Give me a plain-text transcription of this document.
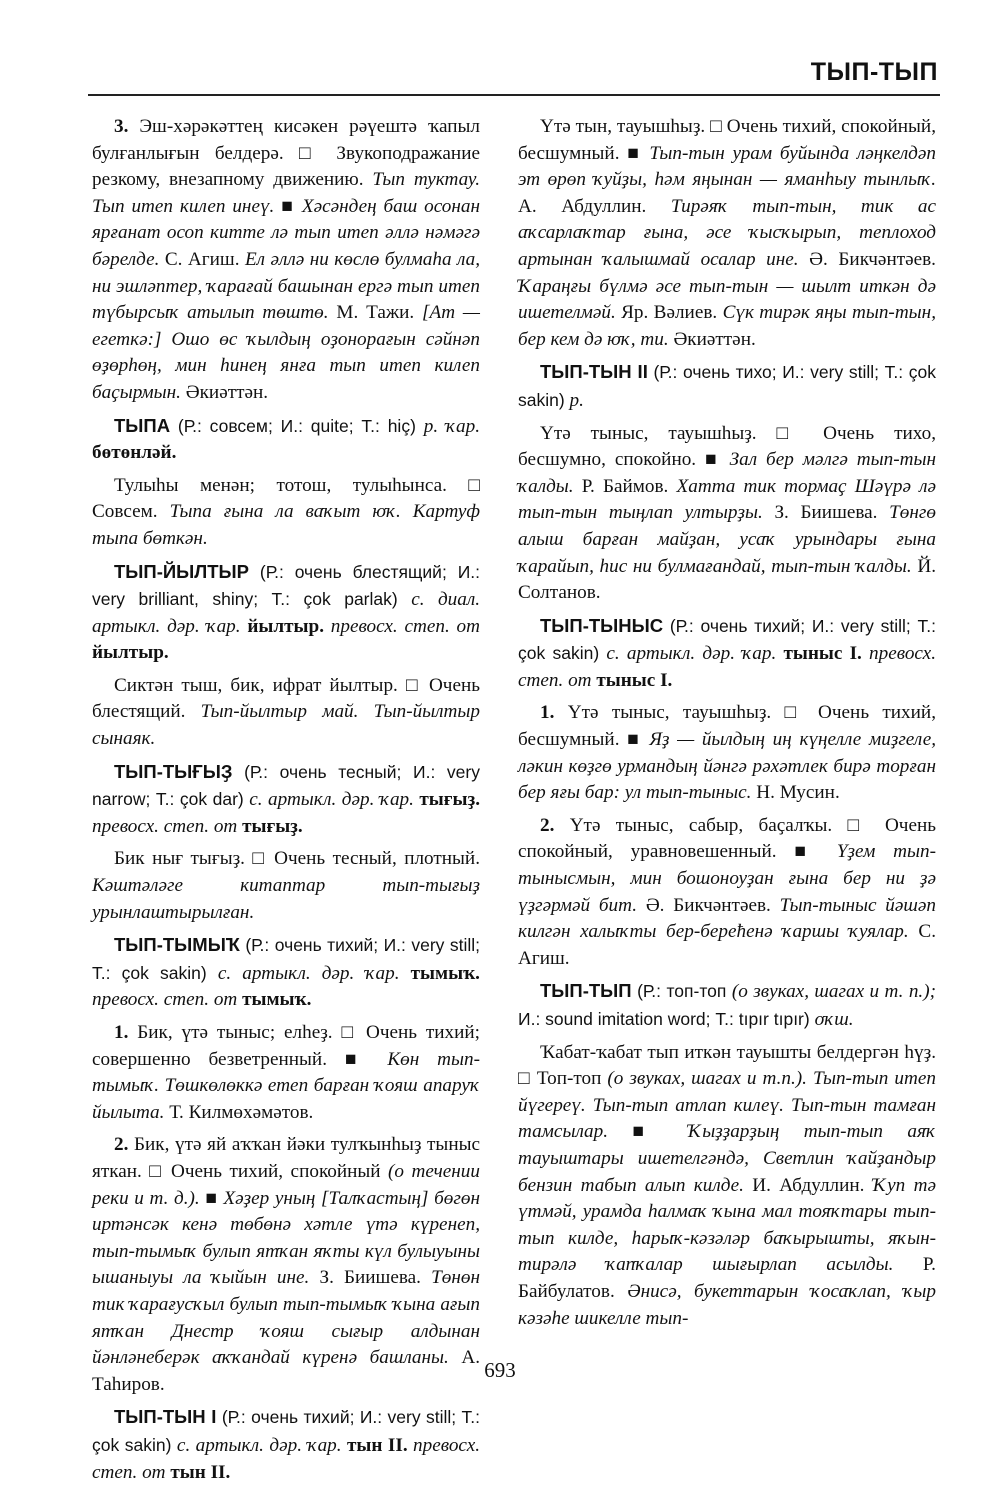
ТЫП-ТЫП

3. Эш-хәрәкәттең кисәкен рәүештә ҡапыл булғанлығын белдерә. □ Звукоподражание резкому, внезапному движению. Тып туктау. Тып итеп килеп инеү. ■ Хәсәндең баш осонан ярғанат осоп китте лә тып итеп әллә нәмәгә бәрелде. С. Агиш. Ел әллә ни көслө булмаһа ла, ни эшләптер, ҡарағай башынан ергә тып итеп түбырсыҡ атылып төштө. М. Тажи. [Ат — егеткә:] Ошо өс ҡылдың оҙонорағын сәйнәп өҙөрһөң, мин һинең янға тып итеп килеп баҫырмын. Әкиәттән.

ТЫПА (Р.: совсем; И.: quite; Т.: hiç) р. ҡар. бөтөнләй.

Тулыһы менән; тотош, тулыһынса. □ Совсем. Тыпа ғына ла ваҡыт юҡ. Картуф тыпа бөткән.

ТЫП-ЙЫЛТЫР (Р.: очень блестящий; И.: very brilliant, shiny; Т.: çok parlak) с. диал. артыкл. дәр. ҡар. йылтыр. превосх. степ. от йылтыр.

Сиктән тыш, бик, ифрат йылтыр. □ Очень блестящий. Тып-йылтыр май. Тып-йылтыр сынаяк.

ТЫП-ТЫҒЫҘ (Р.: очень тесный; И.: very narrow; Т.: çok dar) с. артыкл. дәр. ҡар. тығыҙ. превосх. степ. от тығыҙ.

Бик нығ тығыҙ. □ Очень тесный, плотный. Кәштәләге китаптар тып-тығыҙ урынлаштырылған.

ТЫП-ТЫМЫҠ (Р.: очень тихий; И.: very still; Т.: çok sakin) с. артыкл. дәр. ҡар. тымыҡ. превосх. степ. от тымыҡ.

1. Бик, үтә тыныс; елһеҙ. □ Очень тихий; совершенно безветренный. ■ Көн тып-тымыҡ. Төшкөлөккә етеп барған ҡояш апаруҡ йылыта. Т. Килмөхәмәтов.

2. Бик, үтә яй аҡҡан йәки тулҡынһыҙ тыныс яткан. □ Очень тихий, спокойный (о течении реки и т. д.). ■ Хәҙер уның [Талҡастың] бөгөн иртәнсәк кенә төбөнә хәтле үтә күренеп, тып-тымыҡ булып ятҡан яҡты күл булыуыны ышаныуы ла ҡыйын ине. З. Биишева. Төнөн тик ҡарағусҡыл булып тып-тымыҡ ҡына ағып ятҡан Днестр ҡояш сығыр алдынан йәнләнеберәк аҡҡандай күренә башланы. А. Таһиров.

ТЫП-ТЫН I (Р.: очень тихий; И.: very still; Т.: çok sakin) с. артыкл. дәр. ҡар. тын II. превосх. степ. от тын II.

Үтә тын, тауышһыҙ. □ Очень тихий, спокойный, бесшумный. ■ Тып-тын урам буйында ләңкелдәп эт өрөп ҡуйҙы, һәм яңынан — яманһыу тынлыҡ. А. Абдуллин. Тирәяҡ тып-тын, тик ас аҡсарлаҡтар ғына, әсе ҡысҡырып, теплоход артынан ҡалышмай осалар ине. Ә. Бикчәнтәев. Ҡараңғы бүлмә әсе тып-тын — шылт иткән дә ишетелмәй. Яр. Вәлиев. Сүк тирәк яңы тып-тын, бер кем дә юҡ, ти. Әкиәттән.

ТЫП-ТЫН II (Р.: очень тихо; И.: very still; Т.: çok sakin) р.

Үтә тыныс, тауышһыҙ. □ Очень тихо, бесшумно, спокойно. ■ Зал бер мәлгә тып-тын ҡалды. Р. Баймов. Хатта тик тормаҫ Шәүрә лә тып-тын тыңлап ултырҙы. З. Биишева. Төнгө алыш барған майҙан, усаҡ урындары ғына ҡарайып, һис ни булмағандай, тып-тын ҡалды. Й. Солтанов.

ТЫП-ТЫНЫС (Р.: очень тихий; И.: very still; Т.: çok sakin) с. артыкл. дәр. ҡар. тыныс I. превосх. степ. от тыныс I.

1. Үтә тыныс, тауышһыҙ. □ Очень тихий, бесшумный. ■ Яҙ — йылдың иң күңелле миҙгеле, ләкин көҙгө урмандың йәнгә рәхәтлек бирә торған бер яғы бар: ул тып-тыныс. Н. Мусин.

2. Үтә тыныс, сабыр, баҫалҡы. □ Очень спокойный, уравновешенный. ■ Үҙем тып-тынысмын, мин бошоноуҙан ғына бер ни ҙә үҙгәрмәй бит. Ә. Бикчәнтәев. Тып-тыныс йәшәп килгән халыҡты бер-берећенә ҡаршы ҡуялар. С. Агиш.

ТЫП-ТЫП (Р.: топ-топ (о звуках, шагах и т. п.); И.: sound imitation word; Т.: tıpır tıpır) оҡш.

Ҡабат-ҡабат тып иткән тауышты белдергән һүҙ. □ Топ-топ (о звуках, шагах и т.п.). Тып-тып итеп йүгереү. Тып-тып атлап килеү. Тып-тын тамған тамсылар. ■ Ҡыҙҙарҙың тып-тып аяҡ тауыштары ишетелгәндә, Светлин ҡайҙандыр бензин табып алып килде. И. Абдуллин. Ҡуп тә үтмәй, урамда һалмаҡ ҡына мал тояҡтары тып-тып килде, һарыҡ-кәзәләр баҡырышты, яҡын-тирәлә ҡапҡалар шығырлап асылды. Р. Байбулатов. Әнисә, букеттарын ҡосаҡлап, ҡыр кәзәһе шикелле тып-

693
